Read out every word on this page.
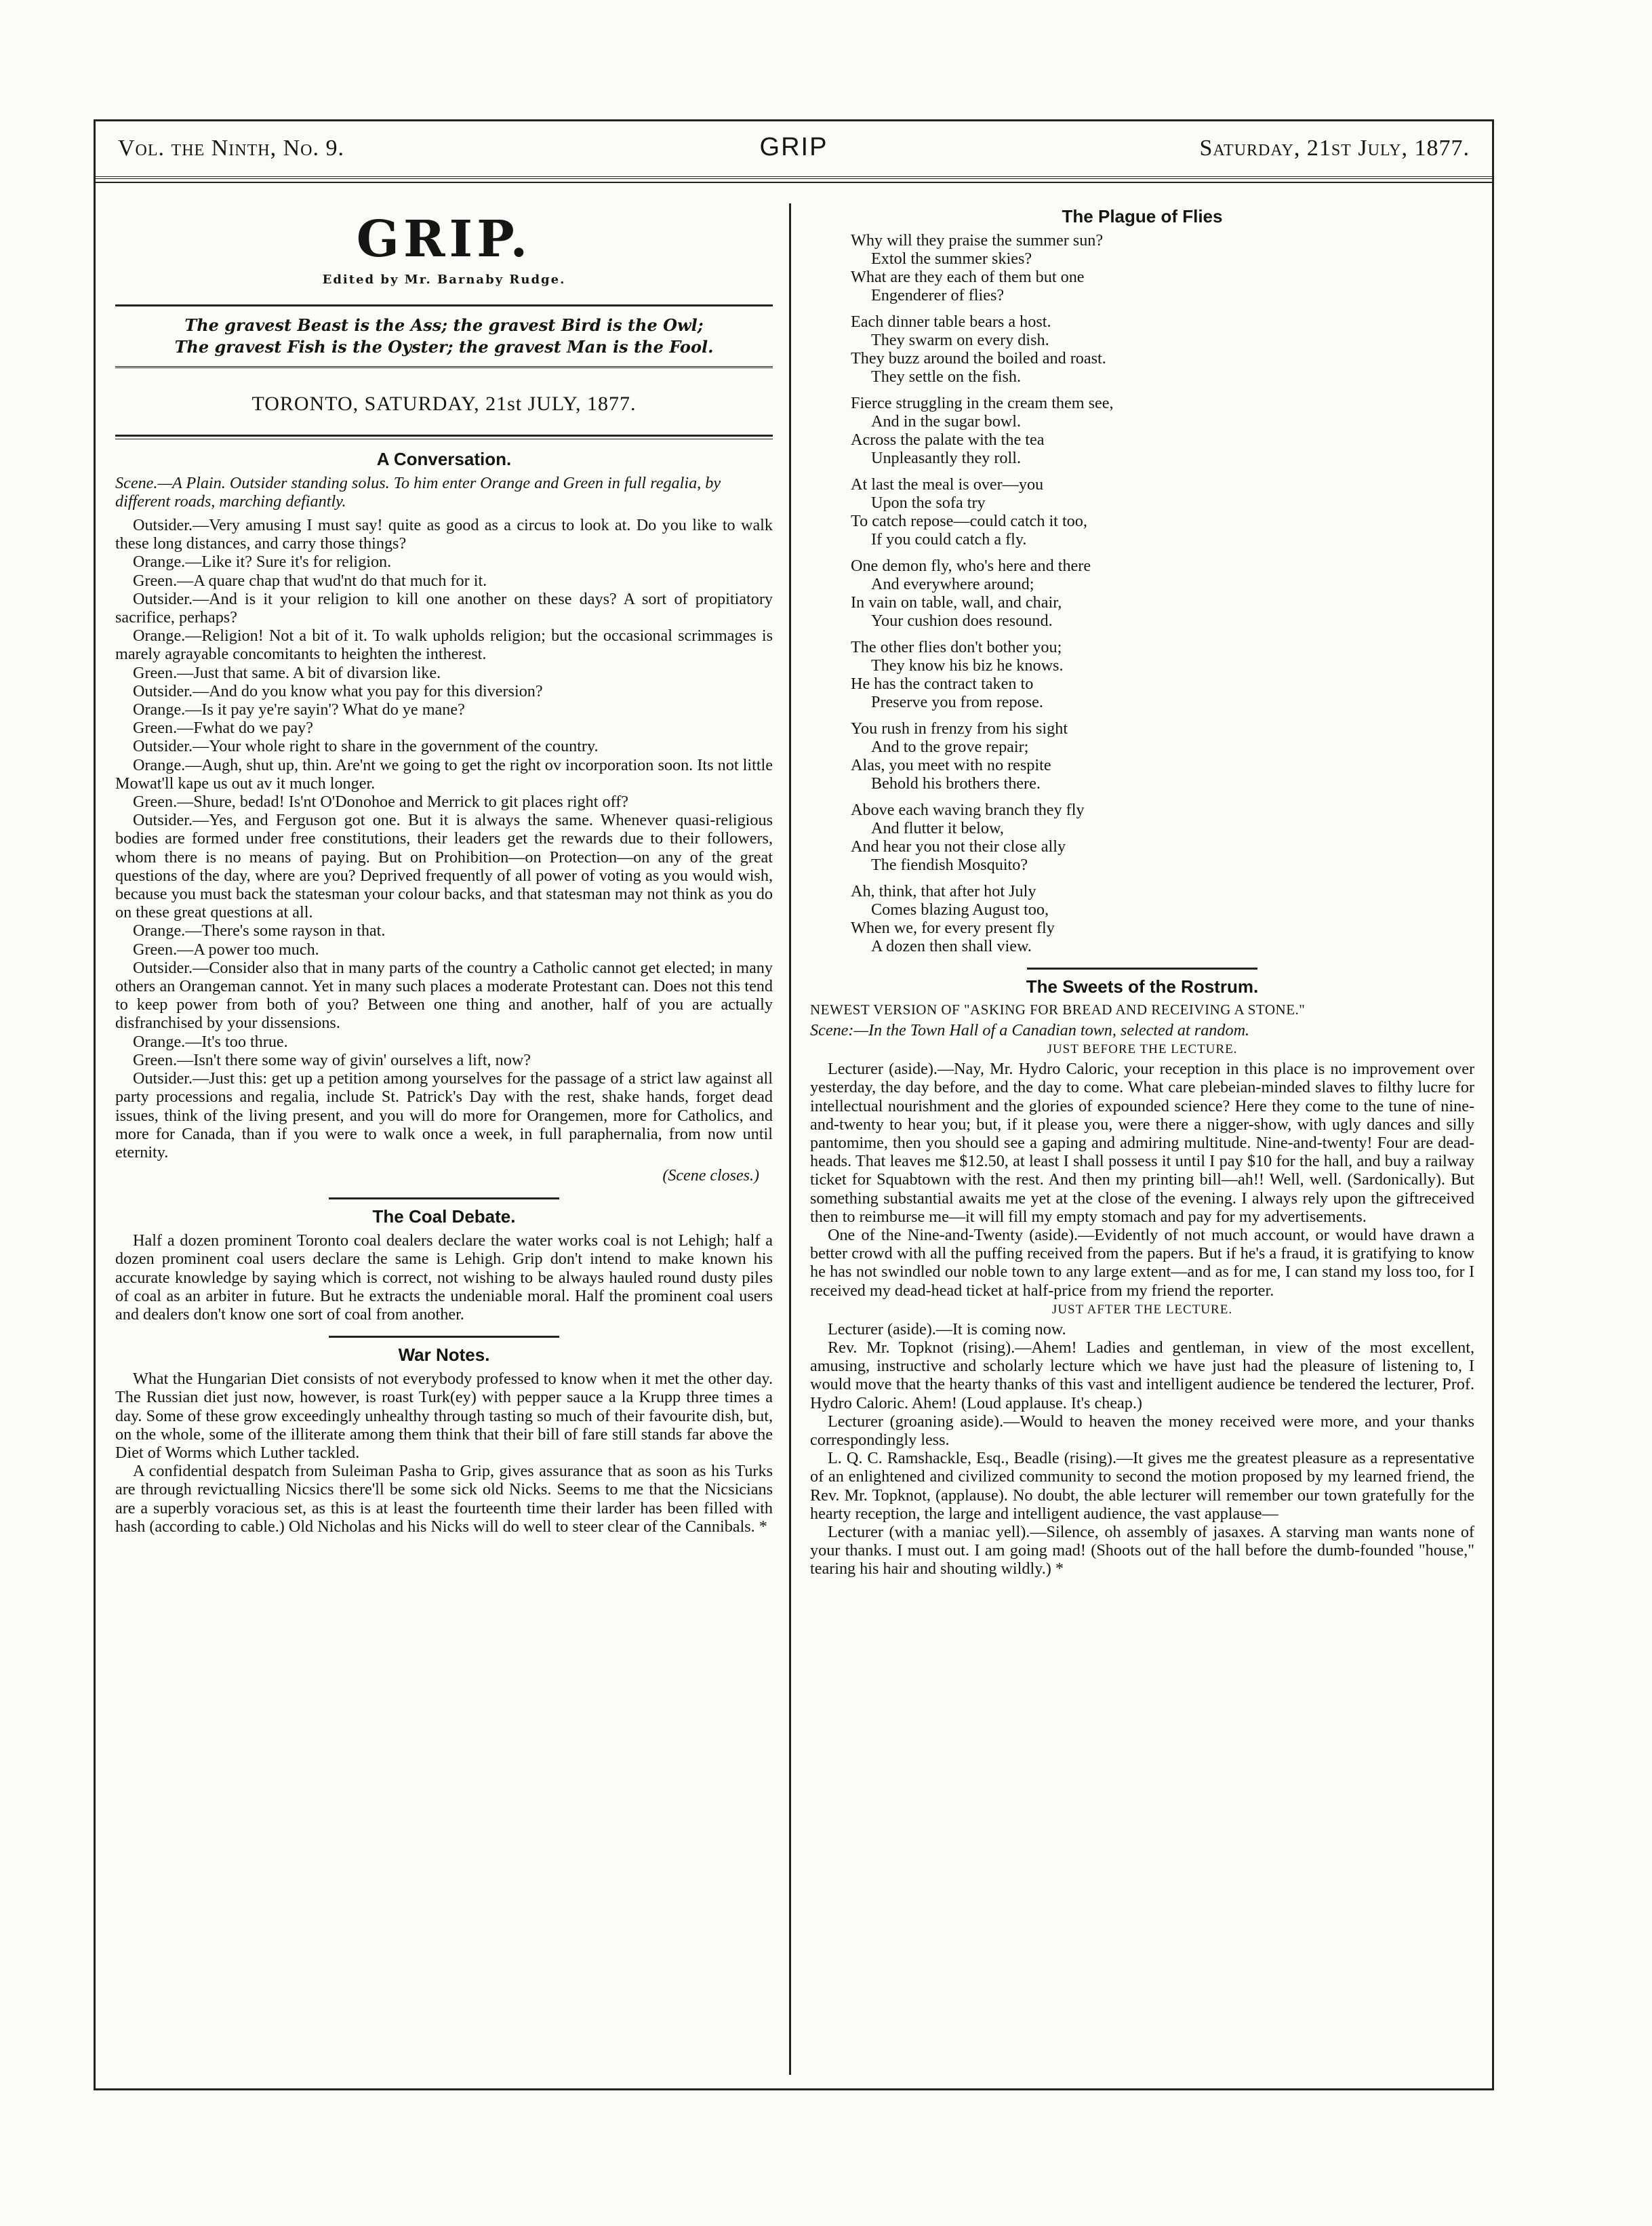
Vol. the Ninth, No. 9.	GRIP	Saturday, 21st July, 1877.
GRIP.
Edited by Mr. Barnaby Rudge.
The gravest Beast is the Ass; the gravest Bird is the Owl;
The gravest Fish is the Oyster; the gravest Man is the Fool.
TORONTO, SATURDAY, 21st JULY, 1877.
A Conversation.
Scene.—A Plain. Outsider standing solus. To him enter Orange and Green in full regalia, by different roads, marching defiantly.
Outsider.—Very amusing I must say! quite as good as a circus to look at. Do you like to walk these long distances, and carry those things?
Orange.—Like it? Sure it's for religion.
Green.—A quare chap that wud'nt do that much for it.
Outsider.—And is it your religion to kill one another on these days? A sort of propitiatory sacrifice, perhaps?
Orange.—Religion! Not a bit of it. To walk upholds religion; but the occasional scrimmages is marely agrayable concomitants to heighten the intherest.
Green.—Just that same. A bit of divarsion like.
Outsider.—And do you know what you pay for this diversion?
Orange.—Is it pay ye're sayin'? What do ye mane?
Green.—Fwhat do we pay?
Outsider.—Your whole right to share in the government of the country.
Orange.—Augh, shut up, thin. Are'nt we going to get the right ov incorporation soon. Its not little Mowat'll kape us out av it much longer.
Green.—Shure, bedad! Is'nt O'Donohoe and Merrick to git places right off?
Outsider.—Yes, and Ferguson got one. But it is always the same. Whenever quasi-religious bodies are formed under free constitutions, their leaders get the rewards due to their followers, whom there is no means of paying. But on Prohibition—on Protection—on any of the great questions of the day, where are you? Deprived frequently of all power of voting as you would wish, because you must back the statesman your colour backs, and that statesman may not think as you do on these great questions at all.
Orange.—There's some rayson in that.
Green.—A power too much.
Outsider.—Consider also that in many parts of the country a Catholic cannot get elected; in many others an Orangeman cannot. Yet in many such places a moderate Protestant can. Does not this tend to keep power from both of you? Between one thing and another, half of you are actually disfranchised by your dissensions.
Orange.—It's too thrue.
Green.—Isn't there some way of givin' ourselves a lift, now?
Outsider.—Just this: get up a petition among yourselves for the passage of a strict law against all party processions and regalia, include St. Patrick's Day with the rest, shake hands, forget dead issues, think of the living present, and you will do more for Orangemen, more for Catholics, and more for Canada, than if you were to walk once a week, in full paraphernalia, from now until eternity.
(Scene closes.)
The Coal Debate.
Half a dozen prominent Toronto coal dealers declare the water works coal is not Lehigh; half a dozen prominent coal users declare the same is Lehigh. Grip don't intend to make known his accurate knowledge by saying which is correct, not wishing to be always hauled round dusty piles of coal as an arbiter in future. But he extracts the undeniable moral. Half the prominent coal users and dealers don't know one sort of coal from another.
War Notes.
What the Hungarian Diet consists of not everybody professed to know when it met the other day. The Russian diet just now, however, is roast Turk(ey) with pepper sauce a la Krupp three times a day. Some of these grow exceedingly unhealthy through tasting so much of their favourite dish, but, on the whole, some of the illiterate among them think that their bill of fare still stands far above the Diet of Worms which Luther tackled.
A confidential despatch from Suleiman Pasha to Grip, gives assurance that as soon as his Turks are through revictualling Nicsics there'll be some sick old Nicks. Seems to me that the Nicsicians are a superbly voracious set, as this is at least the fourteenth time their larder has been filled with hash (according to cable.) Old Nicholas and his Nicks will do well to steer clear of the Cannibals. *
The Plague of Flies
Why will they praise the summer sun?
Extol the summer skies?
What are they each of them but one
Engenderer of flies?
Each dinner table bears a host.
They swarm on every dish.
They buzz around the boiled and roast.
They settle on the fish.
Fierce struggling in the cream them see,
And in the sugar bowl.
Across the palate with the tea
Unpleasantly they roll.
At last the meal is over—you
Upon the sofa try
To catch repose—could catch it too,
If you could catch a fly.
One demon fly, who's here and there
And everywhere around;
In vain on table, wall, and chair,
Your cushion does resound.
The other flies don't bother you;
They know his biz he knows.
He has the contract taken to
Preserve you from repose.
You rush in frenzy from his sight
And to the grove repair;
Alas, you meet with no respite
Behold his brothers there.
Above each waving branch they fly
And flutter it below,
And hear you not their close ally
The fiendish Mosquito?
Ah, think, that after hot July
Comes blazing August too,
When we, for every present fly
A dozen then shall view.
The Sweets of the Rostrum.
NEWEST VERSION OF "ASKING FOR BREAD AND RECEIVING A STONE."
Scene:—In the Town Hall of a Canadian town, selected at random.
JUST BEFORE THE LECTURE.
Lecturer (aside).—Nay, Mr. Hydro Caloric, your reception in this place is no improvement over yesterday, the day before, and the day to come. What care plebeian-minded slaves to filthy lucre for intellectual nourishment and the glories of expounded science? Here they come to the tune of nine-and-twenty to hear you; but, if it please you, were there a nigger-show, with ugly dances and silly pantomime, then you should see a gaping and admiring multitude. Nine-and-twenty! Four are dead-heads. That leaves me $12.50, at least I shall possess it until I pay $10 for the hall, and buy a railway ticket for Squabtown with the rest. And then my printing bill—ah!! Well, well. (Sardonically). But something substantial awaits me yet at the close of the evening. I always rely upon the giftreceived then to reimburse me—it will fill my empty stomach and pay for my advertisements.
One of the Nine-and-Twenty (aside).—Evidently of not much account, or would have drawn a better crowd with all the puffing received from the papers. But if he's a fraud, it is gratifying to know he has not swindled our noble town to any large extent—and as for me, I can stand my loss too, for I received my dead-head ticket at half-price from my friend the reporter.
JUST AFTER THE LECTURE.
Lecturer (aside).—It is coming now.
Rev. Mr. Topknot (rising).—Ahem! Ladies and gentleman, in view of the most excellent, amusing, instructive and scholarly lecture which we have just had the pleasure of listening to, I would move that the hearty thanks of this vast and intelligent audience be tendered the lecturer, Prof. Hydro Caloric. Ahem! (Loud applause. It's cheap.)
Lecturer (groaning aside).—Would to heaven the money received were more, and your thanks correspondingly less.
L. Q. C. Ramshackle, Esq., Beadle (rising).—It gives me the greatest pleasure as a representative of an enlightened and civilized community to second the motion proposed by my learned friend, the Rev. Mr. Topknot, (applause). No doubt, the able lecturer will remember our town gratefully for the hearty reception, the large and intelligent audience, the vast applause—
Lecturer (with a maniac yell).—Silence, oh assembly of jasaxes. A starving man wants none of your thanks. I must out. I am going mad! (Shoots out of the hall before the dumb-founded "house," tearing his hair and shouting wildly.) *
